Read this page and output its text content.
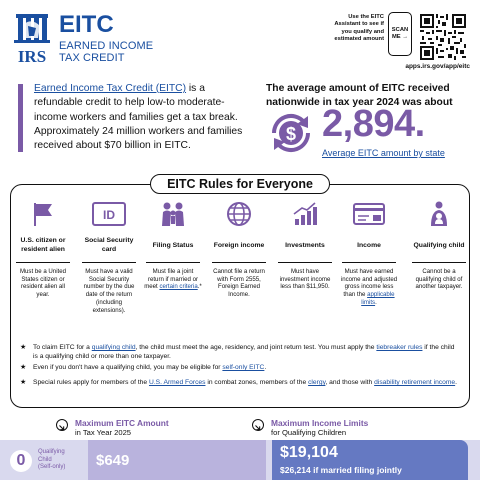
IRS
EITC
EARNED INCOME
TAX CREDIT
Use the EITC Assistant to see if you qualify and estimated amount
SCAN
ME →
apps.irs.gov/app/eitc
Earned Income Tax Credit (EITC) is a refundable credit to help low-to moderate-income workers and families get a tax break. Approximately 24 million workers and families received about $70 billion in EITC.
The average amount of EITC received nationwide in tax year 2024 was about
$ 2,894.
Average EITC amount by state
EITC Rules for Everyone
U.S. citizen or resident alien
Must be a United States citizen or resident alien all year.
ID
Social Security card
Must have a valid Social Security number by the due date of the return (including extensions).
Filing Status
Must file a joint return if married or meet certain criteria.*
Foreign income
Cannot file a return with Form 2555, Foreign Earned Income.
Investments
Must have investment income less than $11,950.
Income
Must have earned income and adjusted gross income less than the applicable limits.
Qualifying child
Cannot be a qualifying child of another taxpayer.
★ To claim EITC for a qualifying child, the child must meet the age, residency, and joint return test. You must apply the tiebreaker rules if the child is a qualifying child or more than one taxpayer.
★ Even if you don't have a qualifying child, you may be eligible for self-only EITC.
★ Special rules apply for members of the U.S. Armed Forces in combat zones, members of the clergy, and those with disability retirement income.
Maximum EITC Amount
in Tax Year 2025
Maximum Income Limits
for Qualifying Children
0	Qualifying
Child
(Self-only) $649	$19,104
$26,214 if married filing jointly
